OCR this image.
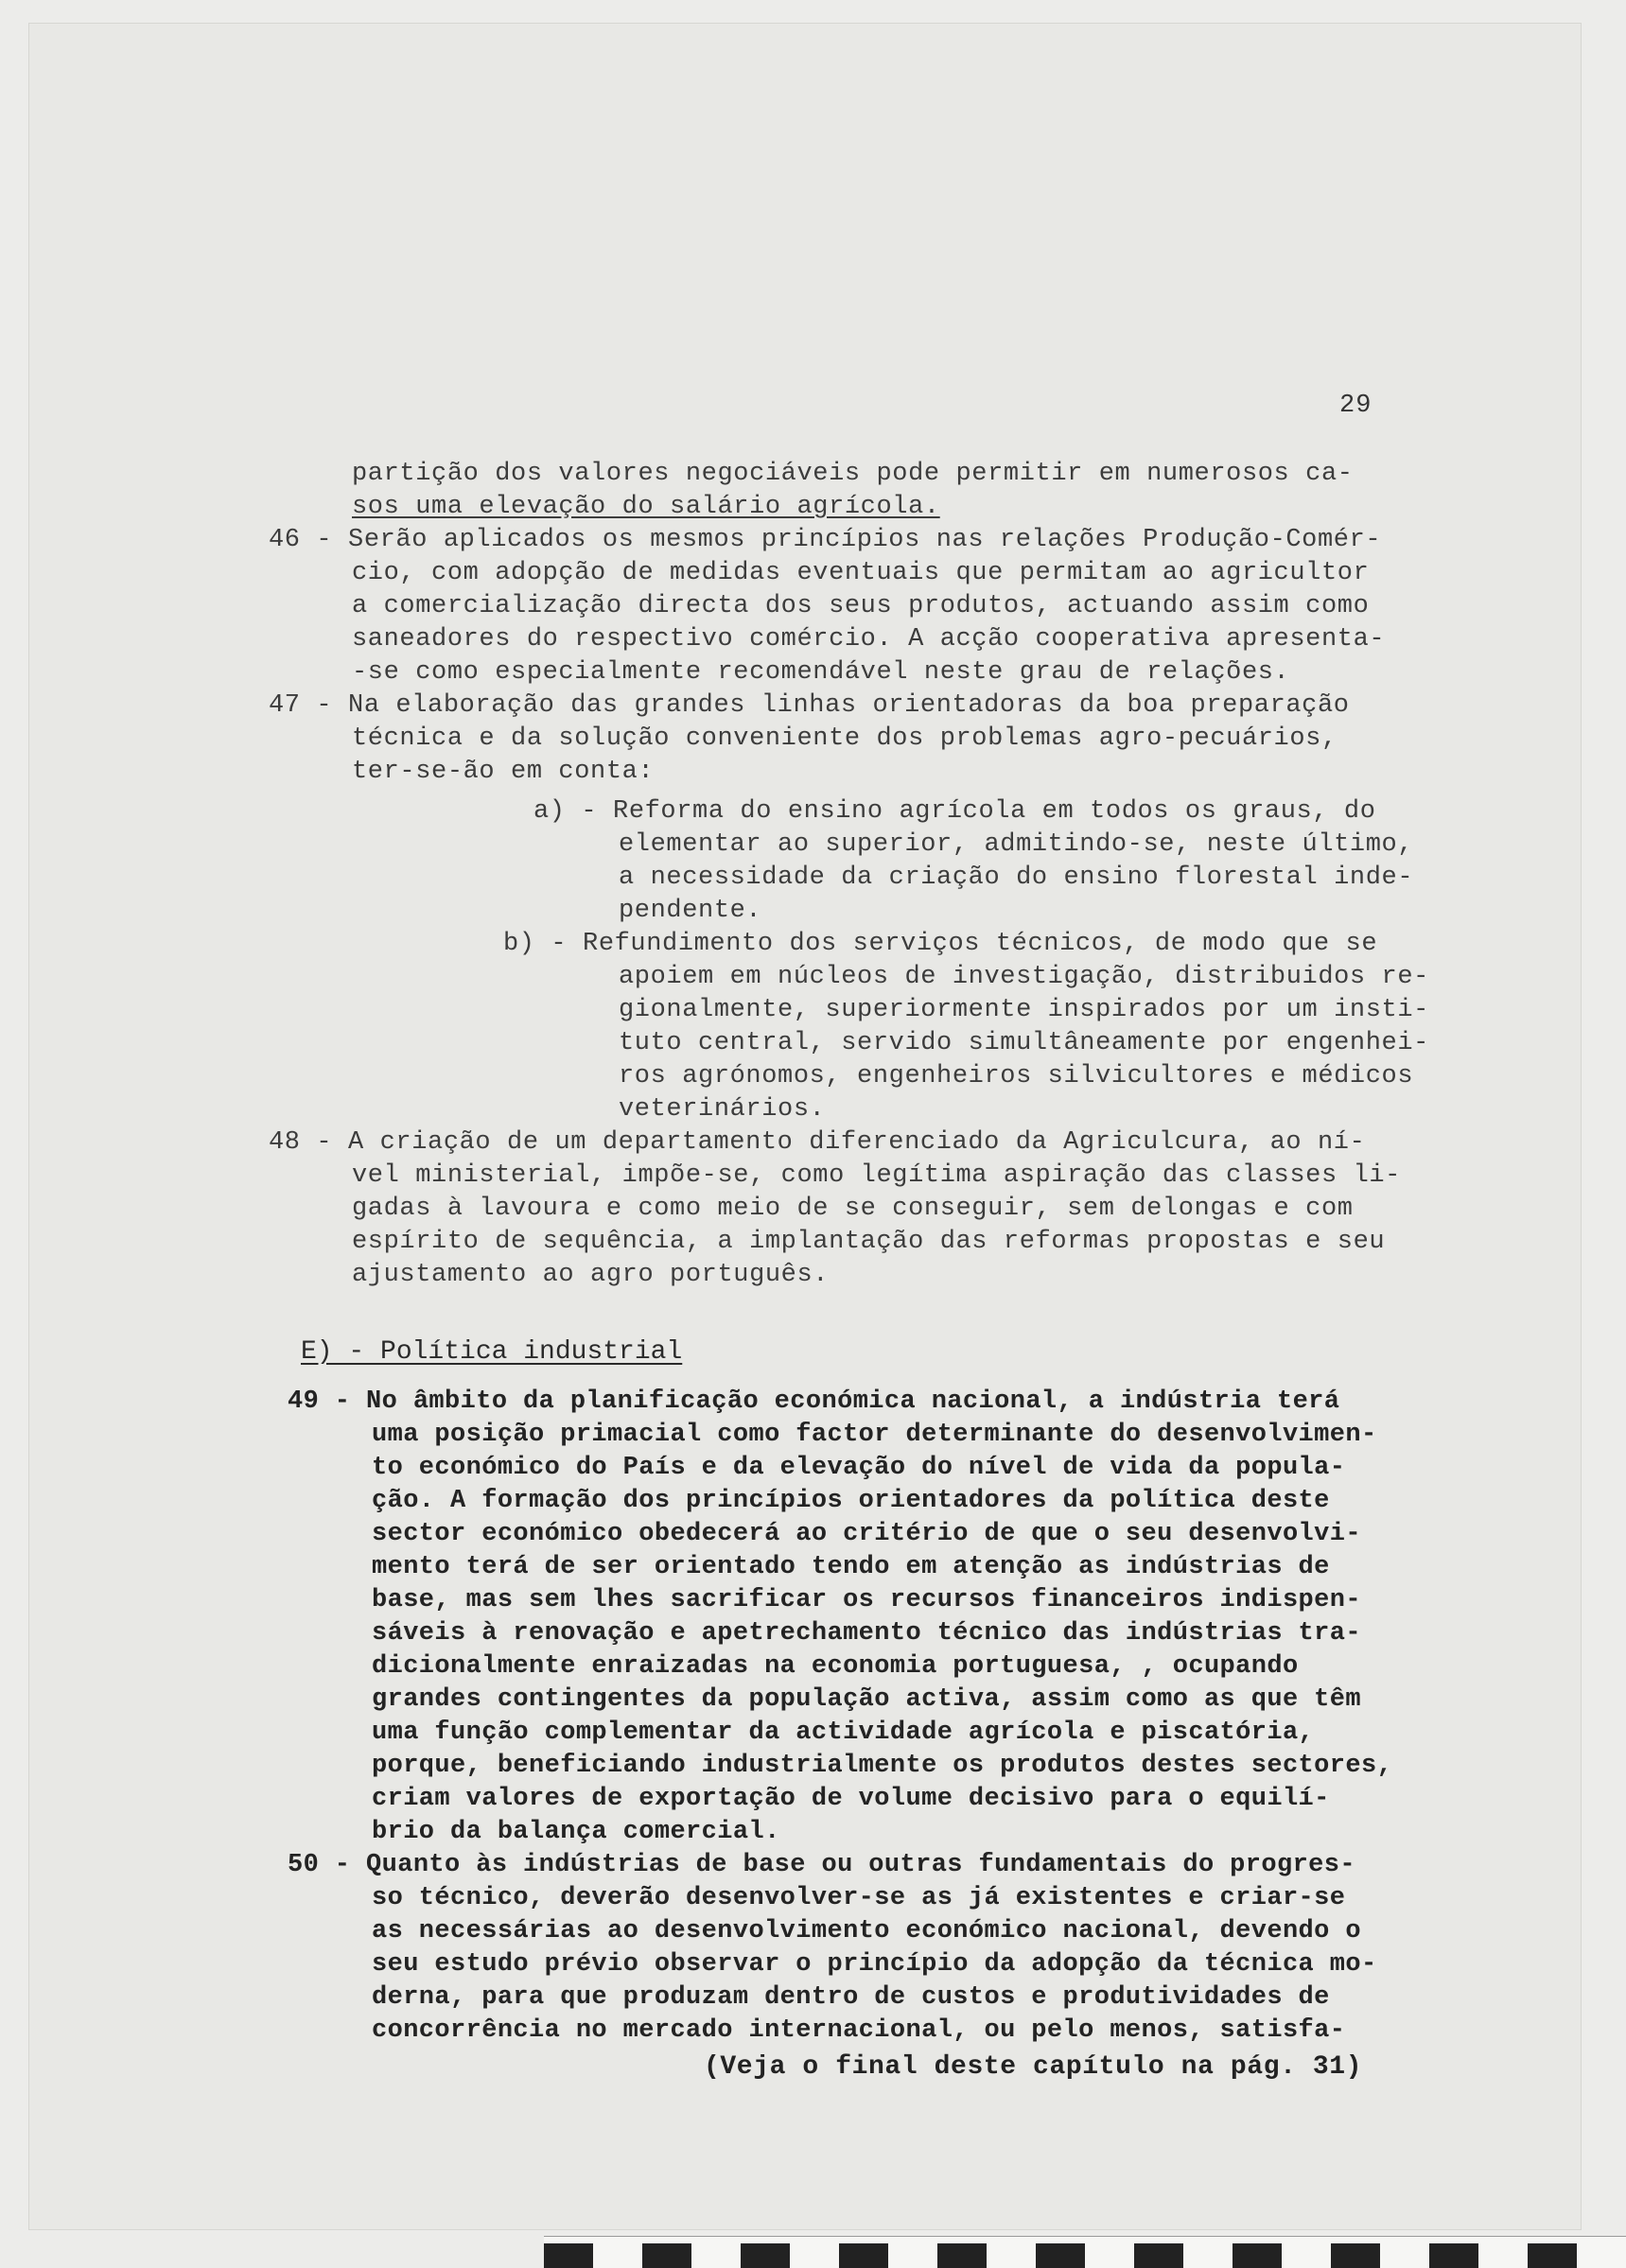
29
partição dos valores negociáveis pode permitir em numerosos ca-
sos uma elevação do salário agrícola.
46 - Serão aplicados os mesmos princípios nas relações Produção-Comér-
cio, com adopção de medidas eventuais que permitam ao agricultor
a comercialização directa dos seus produtos, actuando assim como
saneadores do respectivo comércio. A acção cooperativa apresenta-
-se como especialmente recomendável neste grau de relações.
47 - Na elaboração das grandes linhas orientadoras da boa preparação
técnica e da solução conveniente dos problemas agro-pecuários,
ter-se-ão em conta:
a) - Reforma do ensino agrícola em todos os graus, do
elementar ao superior, admitindo-se, neste último,
a necessidade da criação do ensino florestal inde-
pendente.
b) - Refundimento dos serviços técnicos, de modo que se
apoiem em núcleos de investigação, distribuidos re-
gionalmente, superiormente inspirados por um insti-
tuto central, servido simultâneamente por engenhei-
ros agrónomos, engenheiros silvicultores e médicos
veterinários.
48 - A criação de um departamento diferenciado da Agriculcura, ao ní-
vel ministerial, impõe-se, como legítima aspiração das classes li-
gadas à lavoura e como meio de se conseguir, sem delongas e com
espírito de sequência, a implantação das reformas propostas e seu
ajustamento ao agro português.
E) - Política industrial
49 - No âmbito da planificação económica nacional, a indústria terá
uma posição primacial como factor determinante do desenvolvimen-
to económico do País e da elevação do nível de vida da popula-
ção. A formação dos princípios orientadores da política deste
sector económico obedecerá ao critério de que o seu desenvolvi-
mento terá de ser orientado tendo em atenção as indústrias de
base, mas sem lhes sacrificar os recursos financeiros indispen-
sáveis à renovação e apetrechamento técnico das indústrias tra-
dicionalmente enraizadas na economia portuguesa, , ocupando
grandes contingentes da população activa, assim como as que têm
uma função complementar da actividade agrícola e piscatória,
porque, beneficiando industrialmente os produtos destes sectores,
criam valores de exportação de volume decisivo para o equilí-
brio da balança comercial.
50 - Quanto às indústrias de base ou outras fundamentais do progres-
so técnico, deverão desenvolver-se as já existentes e criar-se
as necessárias ao desenvolvimento económico nacional, devendo o
seu estudo prévio observar o princípio da adopção da técnica mo-
derna, para que produzam dentro de custos e produtividades de
concorrência no mercado internacional, ou pelo menos, satisfa-
(Veja o final deste capítulo na pág. 31)
